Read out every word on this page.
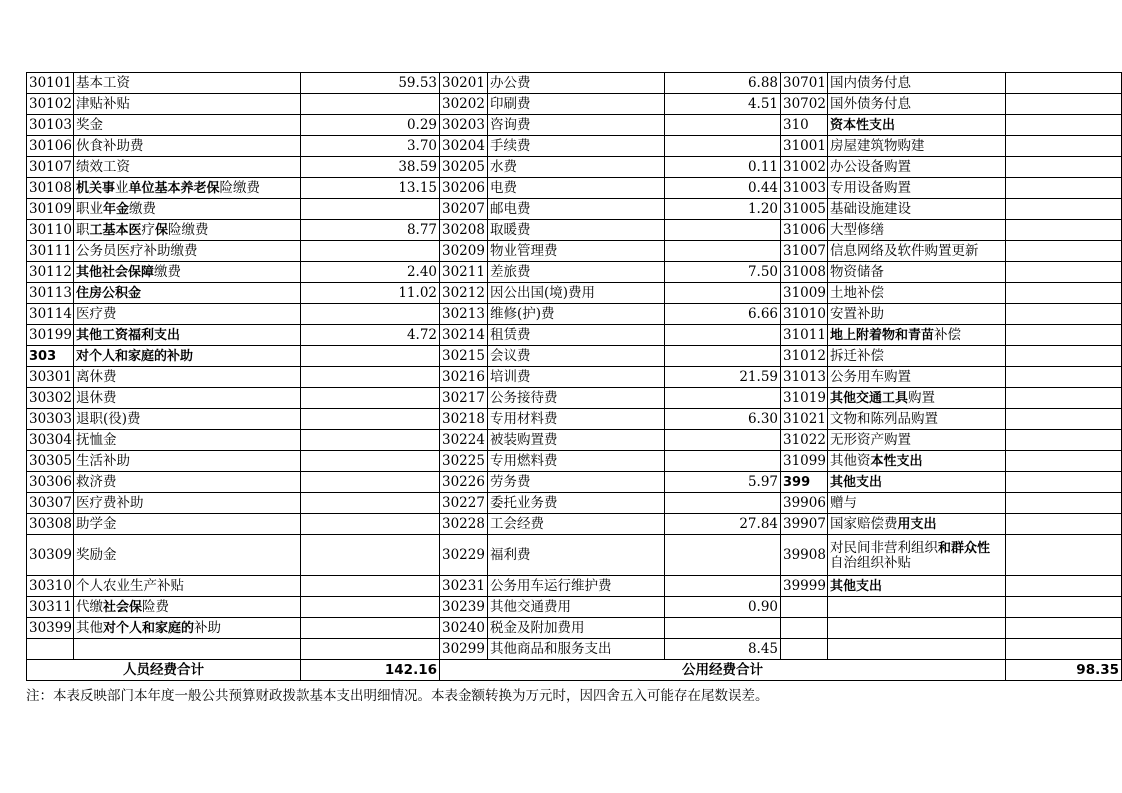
30101	基本工资	59.53	30201	办公费	6.88	30701	国内债务付息	
30102	津贴补贴		30202	印刷费	4.51	30702	国外债务付息	
30103	奖金	0.29	30203	咨询费		310	资本性支出	
30106	伙食补助费	3.70	30204	手续费		31001	房屋建筑物购建	
30107	绩效工资	38.59	30205	水费	0.11	31002	办公设备购置	
30108	机关事业单位基本养老保险缴费	13.15	30206	电费	0.44	31003	专用设备购置	
30109	职业年金缴费		30207	邮电费	1.20	31005	基础设施建设	
30110	职工基本医疗保险缴费	8.77	30208	取暖费		31006	大型修缮	
30111	公务员医疗补助缴费		30209	物业管理费		31007	信息网络及软件购置更新	
30112	其他社会保障缴费	2.40	30211	差旅费	7.50	31008	物资储备	
30113	住房公积金	11.02	30212	因公出国(境)费用		31009	土地补偿	
30114	医疗费		30213	维修(护)费	6.66	31010	安置补助	
30199	其他工资福利支出	4.72	30214	租赁费		31011	地上附着物和青苗补偿	
303	对个人和家庭的补助		30215	会议费		31012	拆迁补偿	
30301	离休费		30216	培训费	21.59	31013	公务用车购置	
30302	退休费		30217	公务接待费		31019	其他交通工具购置	
30303	退职(役)费		30218	专用材料费	6.30	31021	文物和陈列品购置	
30304	抚恤金		30224	被装购置费		31022	无形资产购置	
30305	生活补助		30225	专用燃料费		31099	其他资本性支出	
30306	救济费		30226	劳务费	5.97	399	其他支出	
30307	医疗费补助		30227	委托业务费		39906	赠与	
30308	助学金		30228	工会经费	27.84	39907	国家赔偿费用支出	
30309	奖励金		30229	福利费		39908	对民间非营利组织和群众性自治组织补贴	
30310	个人农业生产补贴		30231	公务用车运行维护费		39999	其他支出	
30311	代缴社会保险费		30239	其他交通费用	0.90			
30399	其他对个人和家庭的补助		30240	税金及附加费用				
			30299	其他商品和服务支出	8.45			
人员经费合计		142.16	公用经费合计					98.35
注：本表反映部门本年度一般公共预算财政拨款基本支出明细情况。本表金额转换为万元时，因四舍五入可能存在尾数误差。
